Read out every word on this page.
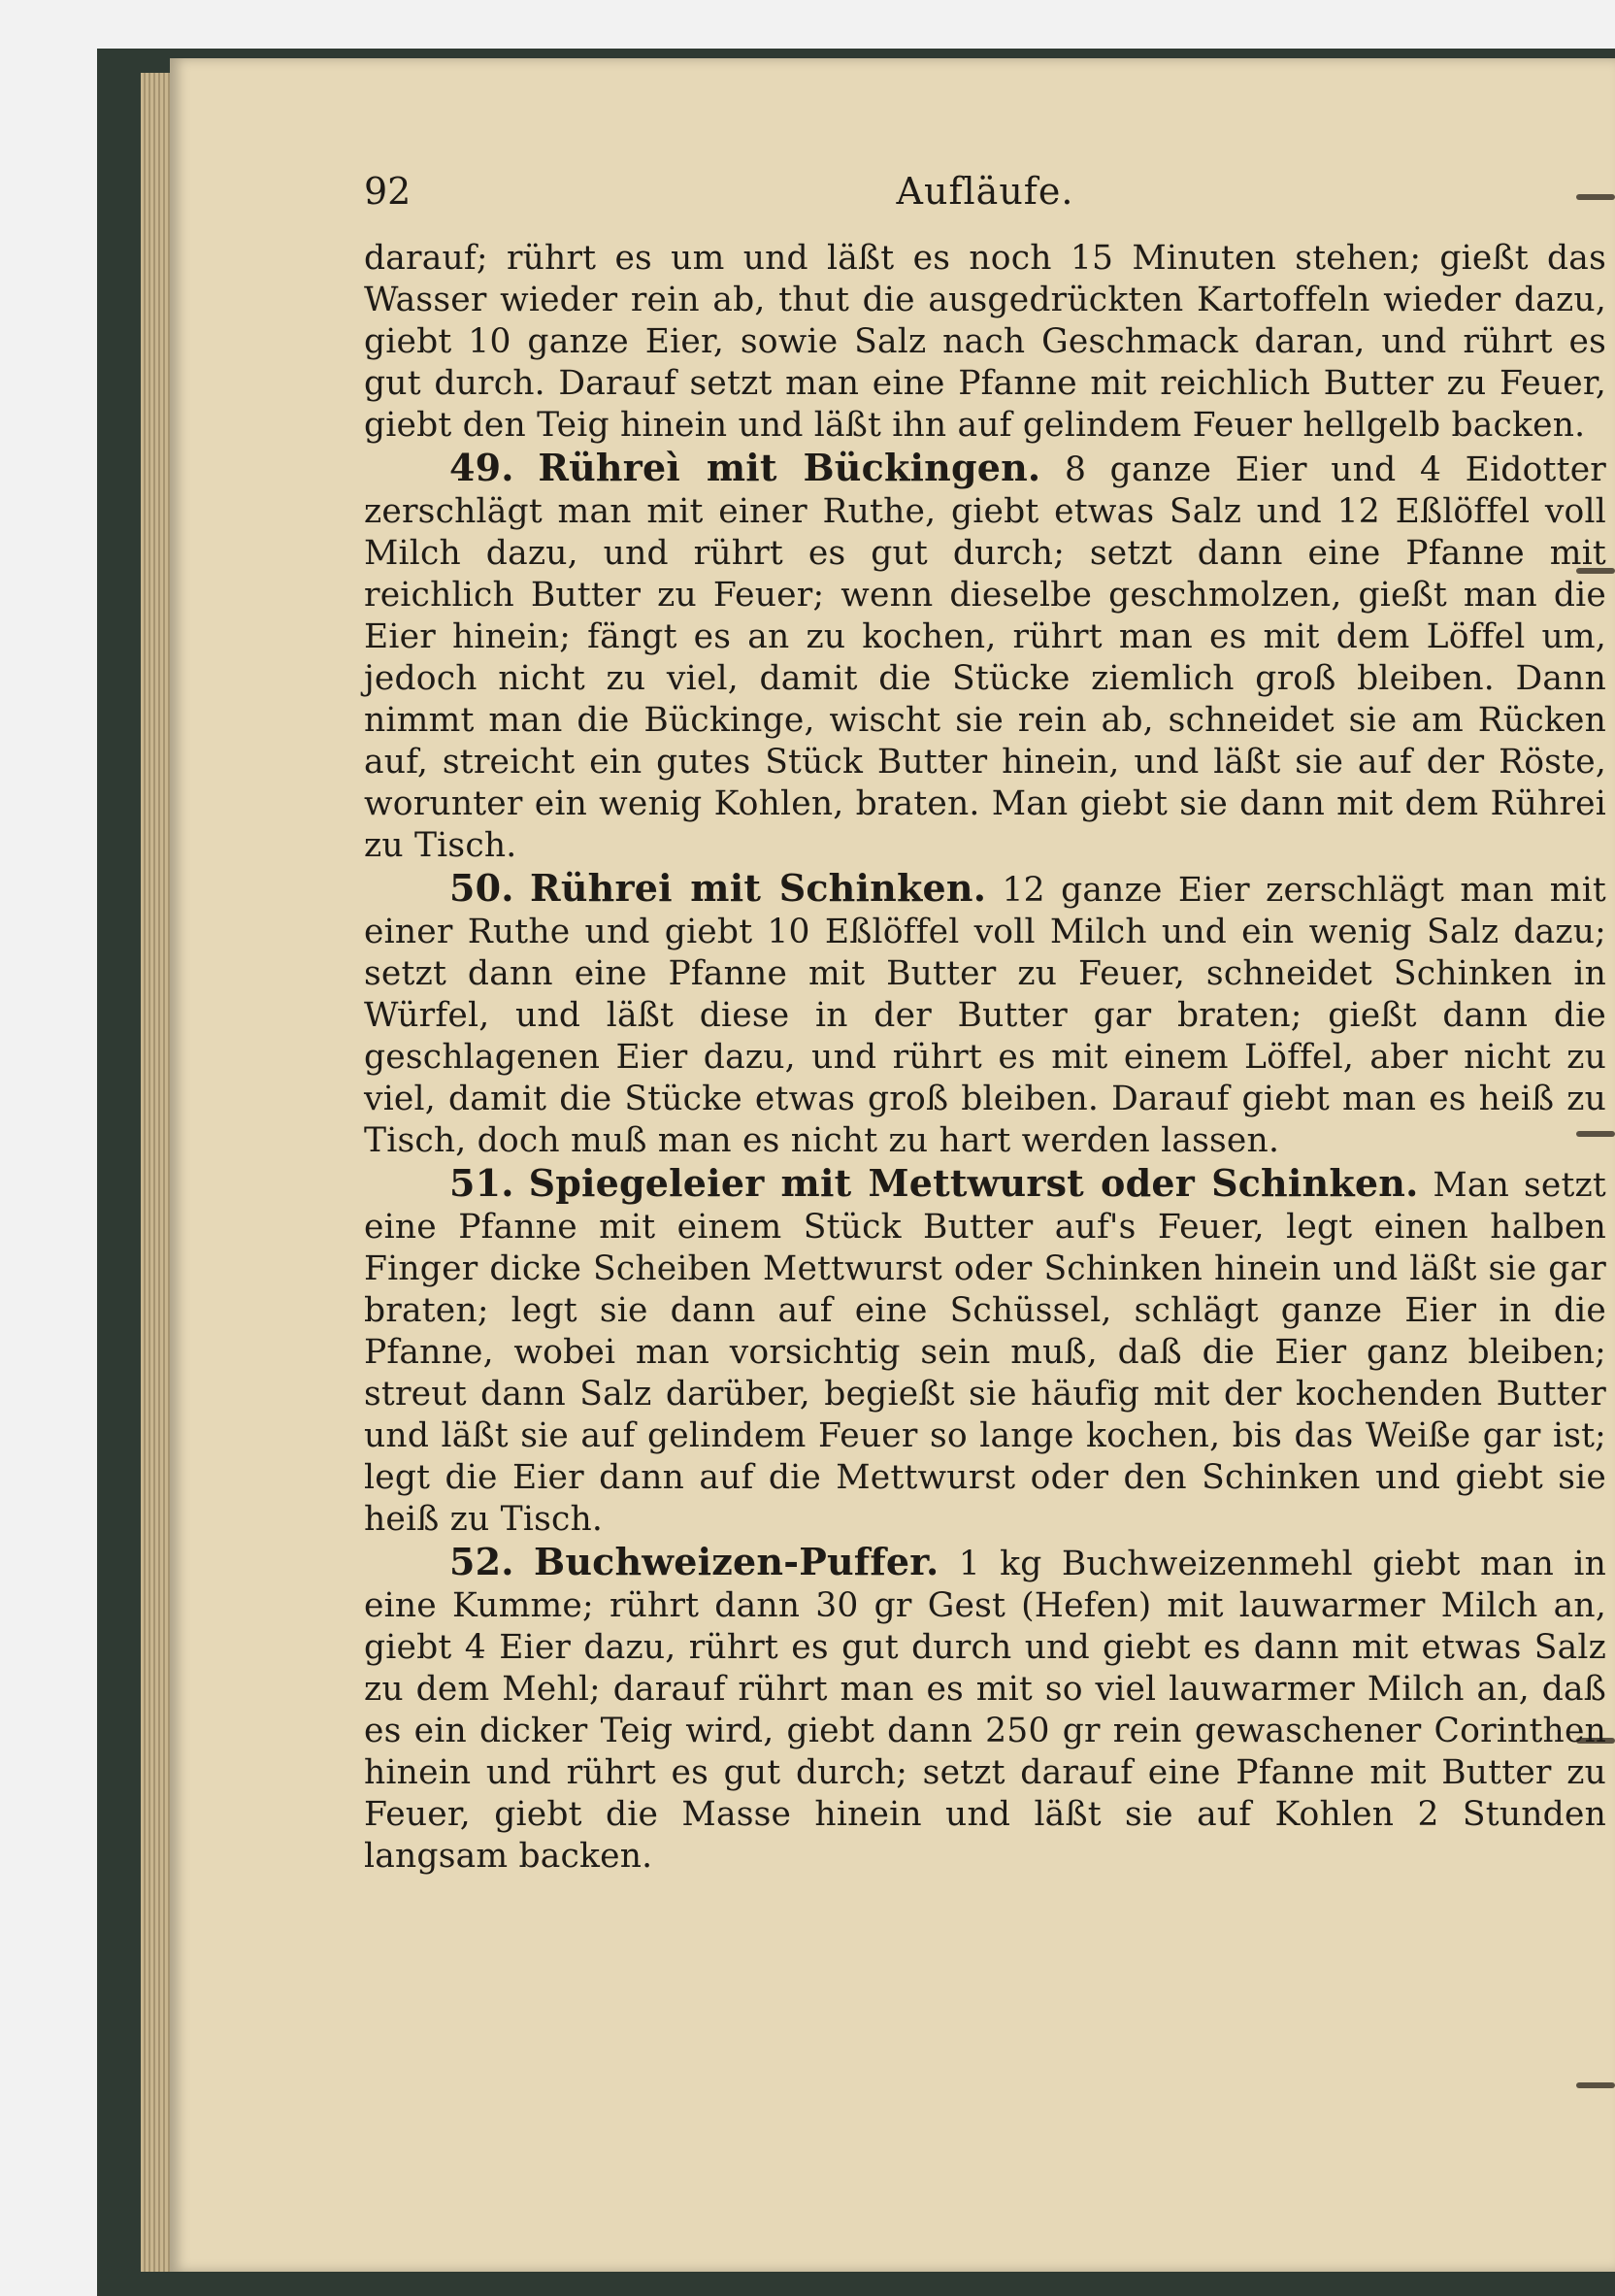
92	Aufläufe.

darauf; rührt es um und läßt es noch 15 Minuten stehen; gießt das Wasser wieder rein ab, thut die ausgedrückten Kartoffeln wieder dazu, giebt 10 ganze Eier, sowie Salz nach Geschmack daran, und rührt es gut durch. Darauf setzt man eine Pfanne mit reichlich Butter zu Feuer, giebt den Teig hinein und läßt ihn auf gelindem Feuer hellgelb backen.

49. Rühreì mit Bückingen. 8 ganze Eier und 4 Eidotter zerschlägt man mit einer Ruthe, giebt etwas Salz und 12 Eßlöffel voll Milch dazu, und rührt es gut durch; setzt dann eine Pfanne mit reichlich Butter zu Feuer; wenn dieselbe geschmolzen, gießt man die Eier hinein; fängt es an zu kochen, rührt man es mit dem Löffel um, jedoch nicht zu viel, damit die Stücke ziemlich groß bleiben. Dann nimmt man die Bückinge, wischt sie rein ab, schneidet sie am Rücken auf, streicht ein gutes Stück Butter hinein, und läßt sie auf der Röste, worunter ein wenig Kohlen, braten. Man giebt sie dann mit dem Rührei zu Tisch.

50. Rührei mit Schinken. 12 ganze Eier zerschlägt man mit einer Ruthe und giebt 10 Eßlöffel voll Milch und ein wenig Salz dazu; setzt dann eine Pfanne mit Butter zu Feuer, schneidet Schinken in Würfel, und läßt diese in der Butter gar braten; gießt dann die geschlagenen Eier dazu, und rührt es mit einem Löffel, aber nicht zu viel, damit die Stücke etwas groß bleiben. Darauf giebt man es heiß zu Tisch, doch muß man es nicht zu hart werden lassen.

51. Spiegeleier mit Mettwurst oder Schinken. Man setzt eine Pfanne mit einem Stück Butter auf's Feuer, legt einen halben Finger dicke Scheiben Mettwurst oder Schinken hinein und läßt sie gar braten; legt sie dann auf eine Schüssel, schlägt ganze Eier in die Pfanne, wobei man vorsichtig sein muß, daß die Eier ganz bleiben; streut dann Salz darüber, begießt sie häufig mit der kochenden Butter und läßt sie auf gelindem Feuer so lange kochen, bis das Weiße gar ist; legt die Eier dann auf die Mettwurst oder den Schinken und giebt sie heiß zu Tisch.

52. Buchweizen-Puffer. 1 kg Buchweizenmehl giebt man in eine Kumme; rührt dann 30 gr Gest (Hefen) mit lauwarmer Milch an, giebt 4 Eier dazu, rührt es gut durch und giebt es dann mit etwas Salz zu dem Mehl; darauf rührt man es mit so viel lauwarmer Milch an, daß es ein dicker Teig wird, giebt dann 250 gr rein gewaschener Corinthen hinein und rührt es gut durch; setzt darauf eine Pfanne mit Butter zu Feuer, giebt die Masse hinein und läßt sie auf Kohlen 2 Stunden langsam backen.
